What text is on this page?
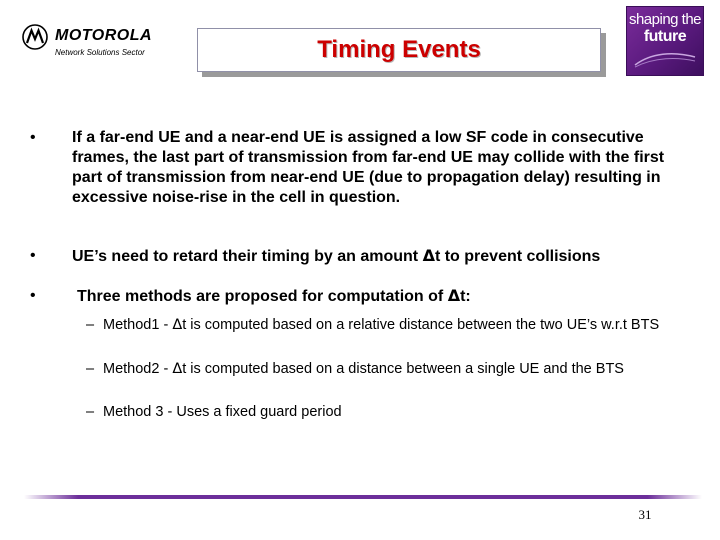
MOTOROLA
Network Solutions Sector	Timing Events
shaping the
future
• If a far-end UE and a near-end UE is assigned a low SF code in consecutive frames, the last part of transmission from far-end UE may collide with the first part of transmission from near-end UE (due to propagation delay) resulting in excessive noise-rise in the cell in question.
• UE’s need to retard their timing by an amount Δt to prevent collisions
•	Three methods are proposed for computation of Δt:
– Method1 - Δt is computed based on a relative distance between the two UE’s w.r.t BTS
– Method2 - Δt is computed based on a distance between a single UE and the BTS
– Method 3 - Uses a fixed guard period
31
